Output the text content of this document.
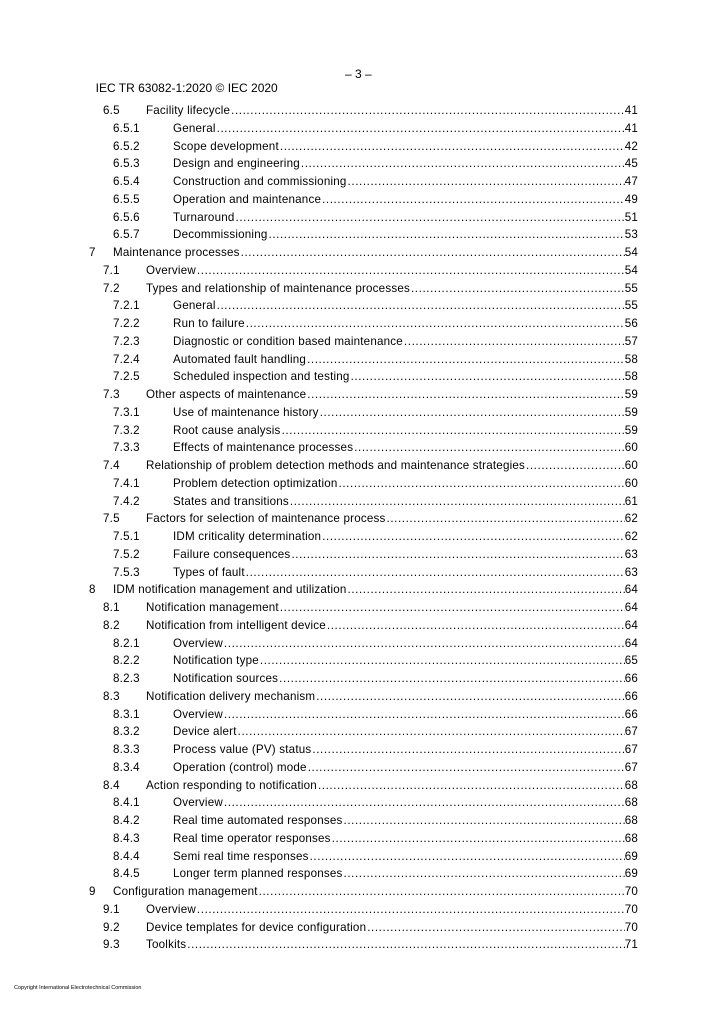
IEC TR 63082-1:2020 © IEC 2020

– 3 –

6.5 Facility lifecycle .....	41
6.5.1	General .....	41
6.5.2	Scope development .....	42
6.5.3	Design and engineering .....	45
6.5.4	Construction and commissioning .....	47
6.5.5	Operation and maintenance .....	49
6.5.6	Turnaround .....	51
6.5.7	Decommissioning .....	53
7 Maintenance processes .....	54
7.1 Overview .....	54
7.2 Types and relationship of maintenance processes .....	55
7.2.1	General .....	55
7.2.2	Run to failure .....	56
7.2.3	Diagnostic or condition based maintenance .....	57
7.2.4	Automated fault handling .....	58
7.2.5	Scheduled inspection and testing .....	58
7.3 Other aspects of maintenance .....	59
7.3.1	Use of maintenance history .....	59
7.3.2	Root cause analysis .....	59
7.3.3	Effects of maintenance processes .....	60
7.4 Relationship of problem detection methods and maintenance strategies .....	60
7.4.1	Problem detection optimization .....	60
7.4.2	States and transitions .....	61
7.5 Factors for selection of maintenance process .....	62
7.5.1	IDM criticality determination .....	62
7.5.2	Failure consequences .....	63
7.5.3	Types of fault .....	63
8 IDM notification management and utilization .....	64
8.1 Notification management .....	64
8.2 Notification from intelligent device .....	64
8.2.1	Overview .....	64
8.2.2	Notification type .....	65
8.2.3	Notification sources .....	66
8.3 Notification delivery mechanism .....	66
8.3.1	Overview .....	66
8.3.2	Device alert .....	67
8.3.3	Process value (PV) status .....	67
8.3.4	Operation (control) mode .....	67
8.4 Action responding to notification .....	68
8.4.1	Overview .....	68
8.4.2	Real time automated responses .....	68
8.4.3	Real time operator responses .....	68
8.4.4	Semi real time responses .....	69
8.4.5	Longer term planned responses .....	69
9 Configuration management .....	70
9.1 Overview .....	70
9.2 Device templates for device configuration .....	70
9.3 Toolkits .....	71
Copyright International Electrotechnical Commission
